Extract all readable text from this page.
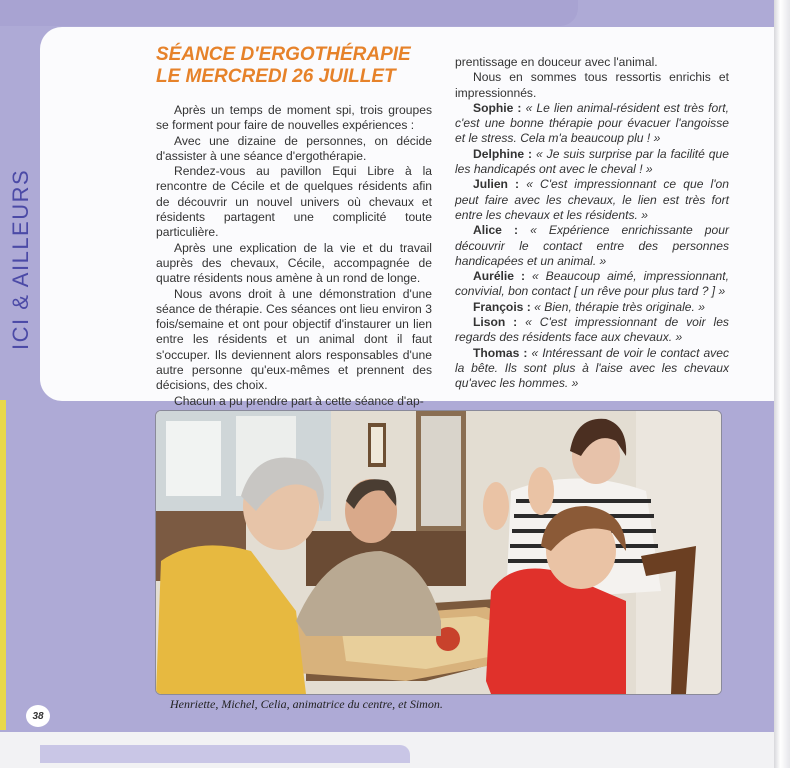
ICI & AILLEURS
SÉANCE D'ERGOTHÉRAPIE
LE MERCREDI 26 JUILLET

Après un temps de moment spi, trois groupes se forment pour faire de nouvelles expériences :

Avec une dizaine de personnes, on décide d'assister à une séance d'ergothérapie.

Rendez-vous au pavillon Equi Libre à la rencontre de Cécile et de quelques résidents afin de découvrir un nouvel univers où chevaux et résidents partagent une complicité toute particulière.

Après une explication de la vie et du travail auprès des chevaux, Cécile, accompagnée de quatre résidents nous amène à un rond de longe.

Nous avons droit à une démonstration d'une séance de thérapie. Ces séances ont lieu environ 3 fois/semaine et ont pour objectif d'instaurer un lien entre les résidents et un animal dont il faut s'occuper. Ils deviennent alors responsables d'une autre personne qu'eux-mêmes et prennent des décisions, des choix.

Chacun a pu prendre part à cette séance d'ap-

prentissage en douceur avec l'animal.

Nous en sommes tous ressortis enrichis et impressionnés.

Sophie : « Le lien animal-résident est très fort, c'est une bonne thérapie pour évacuer l'angoisse et le stress. Cela m'a beaucoup plu ! »

Delphine : « Je suis surprise par la facilité que les handicapés ont avec le cheval ! »

Julien : « C'est impressionnant ce que l'on peut faire avec les chevaux, le lien est très fort entre les chevaux et les résidents. »

Alice : « Expérience enrichissante pour découvrir le contact entre des personnes handicapées et un animal. »

Aurélie : « Beaucoup aimé, impressionnant, convivial, bon contact [ un rêve pour plus tard ? ] »

François : « Bien, thérapie très originale. »

Lison : « C'est impressionnant de voir les regards des résidents face aux chevaux. »

Thomas : « Intéressant de voir le contact avec la bête. Ils sont plus à l'aise avec les chevaux qu'avec les hommes. »

Henriette, Michel, Celia, animatrice du centre, et Simon.
38
